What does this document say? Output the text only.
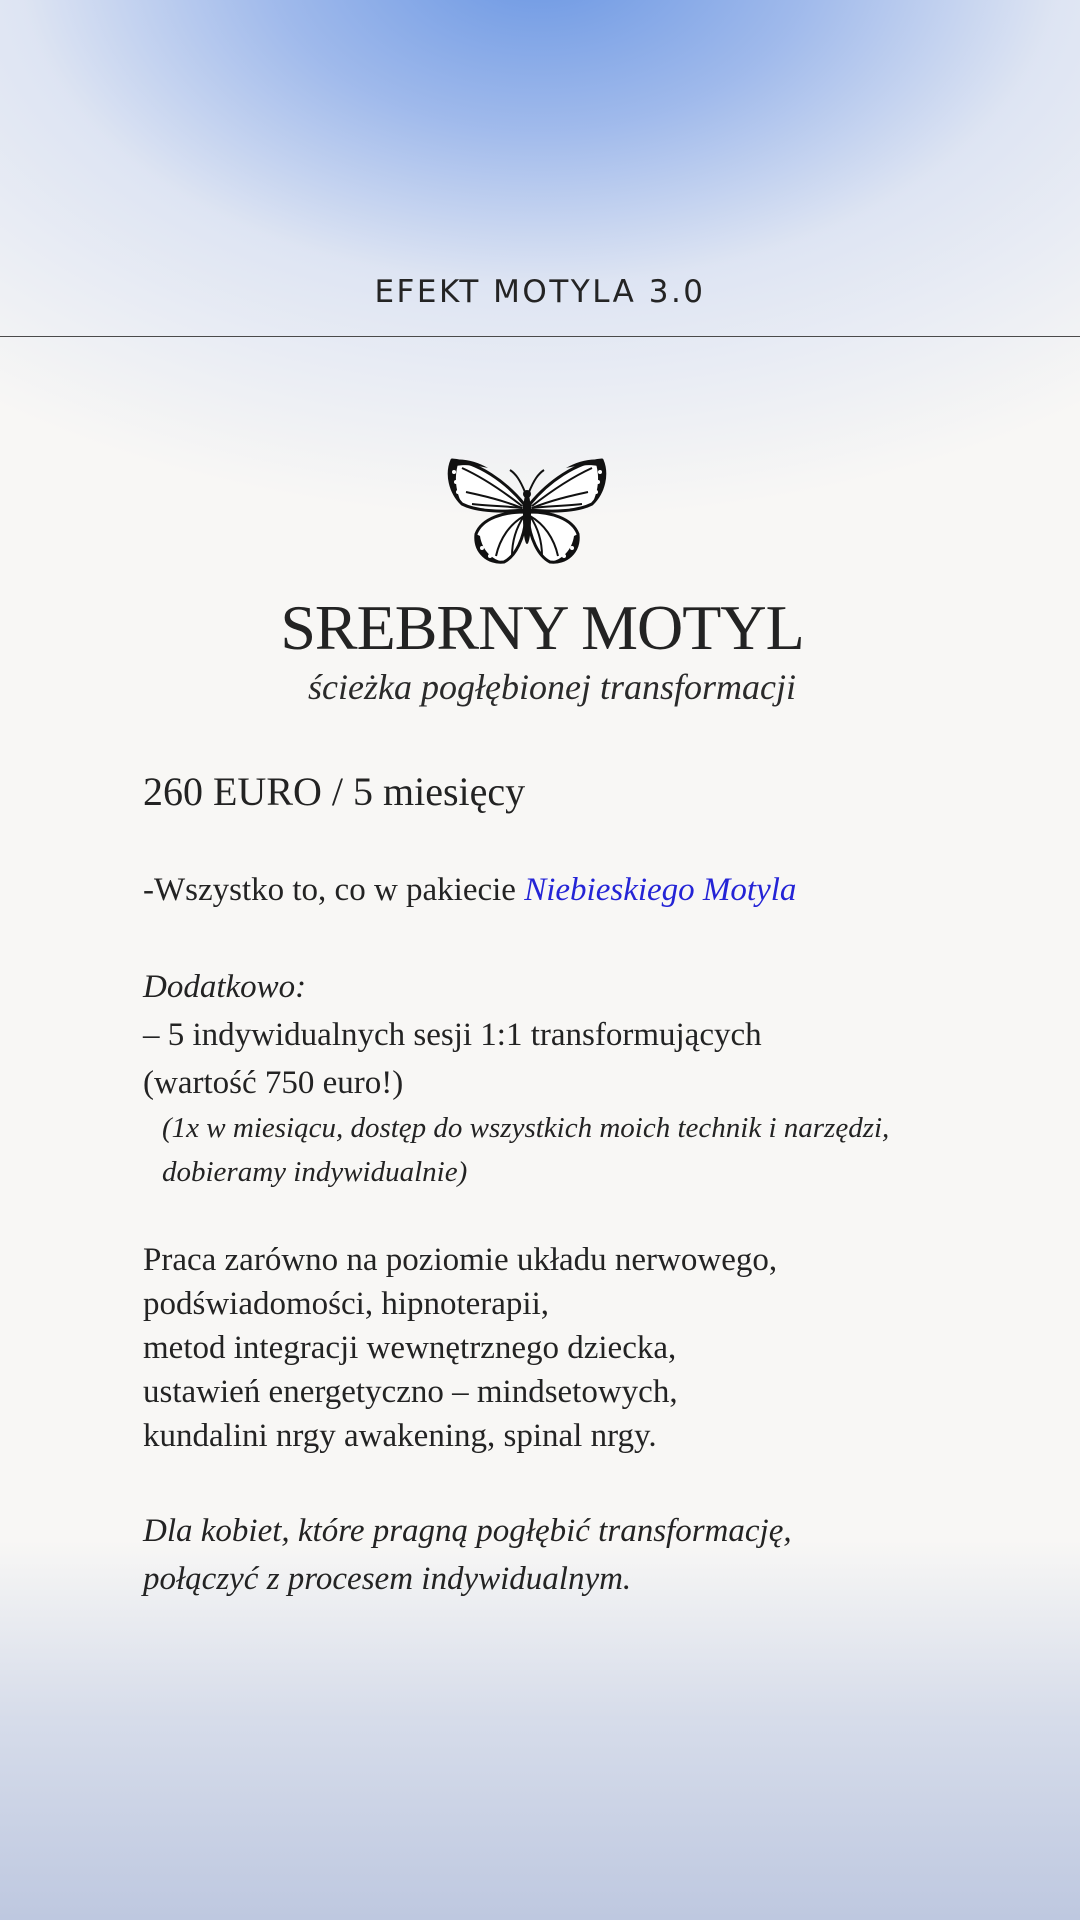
EFEKT MOTYLA 3.0
SREBRNY MOTYL
ścieżka pogłębionej transformacji
260 EURO / 5 miesięcy
-Wszystko to, co w pakiecie Niebieskiego Motyla
Dodatkowo:
– 5 indywidualnych sesji 1:1 transformujących
(wartość 750 euro!)
(1x w miesiącu, dostęp do wszystkich moich technik i narzędzi,
dobieramy indywidualnie)
Praca zarówno na poziomie układu nerwowego,
podświadomości, hipnoterapii,
metod integracji wewnętrznego dziecka,
ustawień energetyczno – mindsetowych,
kundalini nrgy awakening, spinal nrgy.
Dla kobiet, które pragną pogłębić transformację,
połączyć z procesem indywidualnym.
